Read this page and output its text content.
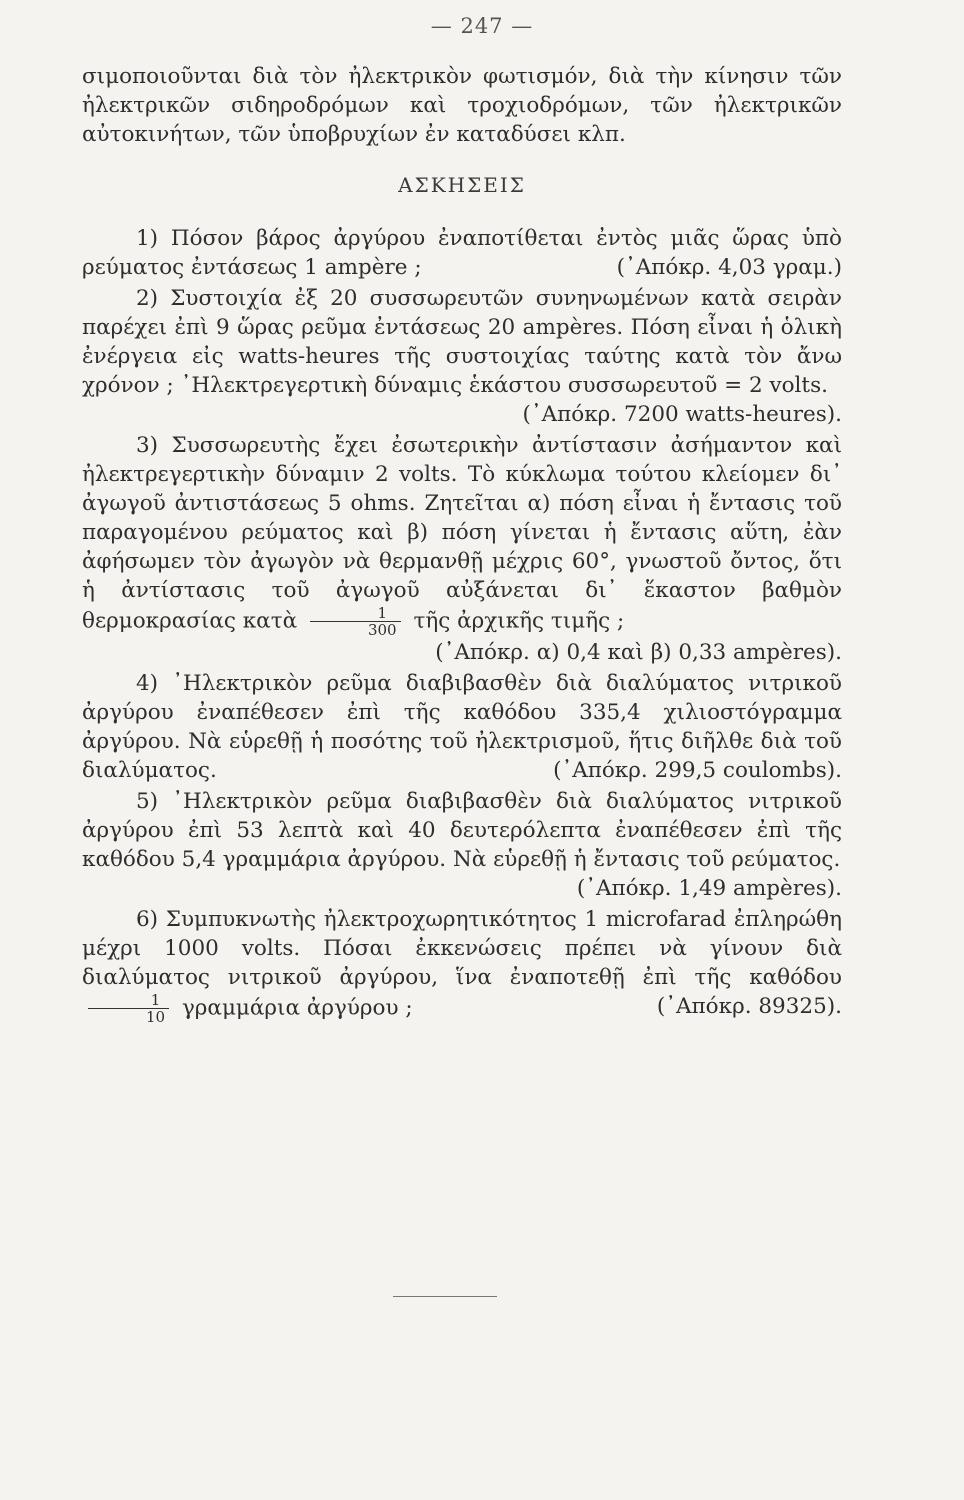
— 247 —

σιμοποιοῦνται διὰ τὸν ἠλεκτρικὸν φωτισμόν, διὰ τὴν κίνησιν τῶν ἠλεκτρικῶν σιδηροδρόμων καὶ τροχιοδρόμων, τῶν ἠλεκτρικῶν αὐτοκινήτων, τῶν ὑποβρυχίων ἐν καταδύσει κλπ.

ΑΣΚΗΣΕΙΣ

1) Πόσον βάρος ἀργύρου ἐναποτίθεται ἐντὸς μιᾶς ὥρας ὑπὸ ρεύματος ἐντάσεως 1 ampère ;	(᾿Απόκρ. 4,03 γραμ.)

2) Συστοιχία ἐξ 20 συσσωρευτῶν συνηνωμένων κατὰ σειρὰν παρέχει ἐπὶ 9 ὥρας ρεῦμα ἐντάσεως 20 ampères. Πόση εἶναι ἡ ὁλικὴ ἐνέργεια εἰς watts-heures τῆς συστοιχίας ταύτης κατὰ τὸν ἄνω χρόνον ; ᾿Ηλεκτρεγερτικὴ δύναμις ἑκάστου συσσωρευτοῦ = 2 volts.
(᾿Απόκρ. 7200 watts-heures).

3) Συσσωρευτὴς ἔχει ἐσωτερικὴν ἀντίστασιν ἀσήμαντον καὶ ἠλεκτρεγερτικὴν δύναμιν 2 volts. Τὸ κύκλωμα τούτου κλείομεν δι᾿ ἀγωγοῦ ἀντιστάσεως 5 ohms. Ζητεῖται α) πόση εἶναι ἡ ἔντασις τοῦ παραγομένου ρεύματος καὶ β) πόση γίνεται ἡ ἔντασις αὕτη, ἐὰν ἀφήσωμεν τὸν ἀγωγὸν νὰ θερμανθῇ μέχρις 60°, γνωστοῦ ὄντος, ὅτι ἡ ἀντίστασις τοῦ ἀγωγοῦ αὐξάνεται δι᾿ ἕκαστον βαθμὸν θερμοκρασίας κατὰ $\frac{1}{300}$ τῆς ἀρχικῆς τιμῆς ;
(᾿Απόκρ. α) 0,4 καὶ β) 0,33 ampères).

4) ᾿Ηλεκτρικὸν ρεῦμα διαβιβασθὲν διὰ διαλύματος νιτρικοῦ ἀργύρου ἐναπέθεσεν ἐπὶ τῆς καθόδου 335,4 χιλιοστόγραμμα ἀργύρου. Νὰ εὑρεθῇ ἡ ποσότης τοῦ ἠλεκτρισμοῦ, ἥτις διῆλθε διὰ τοῦ διαλύματος.	(᾿Απόκρ. 299,5 coulombs).

5) ᾿Ηλεκτρικὸν ρεῦμα διαβιβασθὲν διὰ διαλύματος νιτρικοῦ ἀργύρου ἐπὶ 53 λεπτὰ καὶ 40 δευτερόλεπτα ἐναπέθεσεν ἐπὶ τῆς καθόδου 5,4 γραμμάρια ἀργύρου. Νὰ εὑρεθῇ ἡ ἔντασις τοῦ ρεύματος.
(᾿Απόκρ. 1,49 ampères).

6) Συμπυκνωτὴς ἠλεκτροχωρητικότητος 1 microfarad ἐπληρώθη μέχρι 1000 volts. Πόσαι ἐκκενώσεις πρέπει νὰ γίνουν διὰ διαλύματος νιτρικοῦ ἀργύρου, ἵνα ἐναποτεθῇ ἐπὶ τῆς καθόδου
$\frac{1}{10}$ γραμμάρια ἀργύρου ;	(᾿Απόκρ. 89325).
